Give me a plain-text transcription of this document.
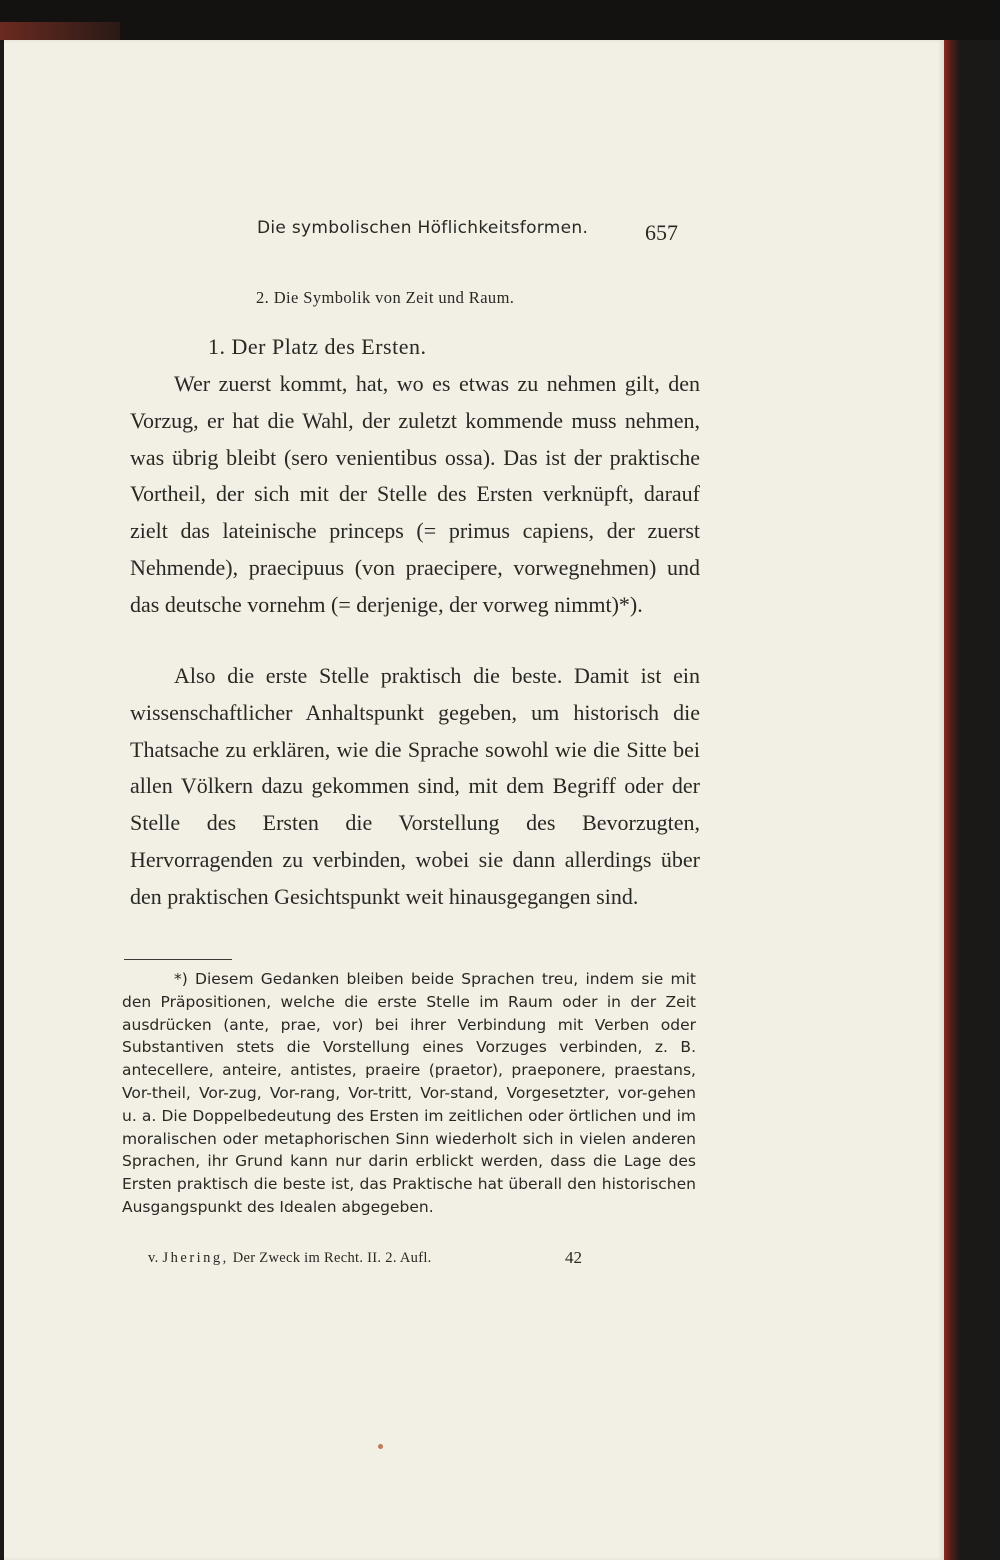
Die symbolischen Höflichkeitsformen.	657
2. Die Symbolik von Zeit und Raum.
1. Der Platz des Ersten.

Wer zuerst kommt, hat, wo es etwas zu nehmen gilt, den Vorzug, er hat die Wahl, der zuletzt kommende muss nehmen, was übrig bleibt (sero venientibus ossa). Das ist der praktische Vortheil, der sich mit der Stelle des Ersten verknüpft, darauf zielt das lateinische princeps (= primus capiens, der zuerst Nehmende), praecipuus (von praecipere, vorwegnehmen) und das deutsche vornehm (= derjenige, der vorweg nimmt)*).

Also die erste Stelle praktisch die beste. Damit ist ein wissenschaftlicher Anhaltspunkt gegeben, um historisch die Thatsache zu erklären, wie die Sprache sowohl wie die Sitte bei allen Völkern dazu gekommen sind, mit dem Begriff oder der Stelle des Ersten die Vorstellung des Bevorzugten, Hervorragenden zu verbinden, wobei sie dann allerdings über den praktischen Gesichtspunkt weit hinausgegangen sind.

*) Diesem Gedanken bleiben beide Sprachen treu, indem sie mit den Präpositionen, welche die erste Stelle im Raum oder in der Zeit ausdrücken (ante, prae, vor) bei ihrer Verbindung mit Verben oder Substantiven stets die Vorstellung eines Vorzuges verbinden, z. B. antecellere, anteire, antistes, praeire (praetor), praeponere, praestans, Vor-theil, Vor-zug, Vor-rang, Vor-tritt, Vor-stand, Vorgesetzter, vor-gehen u. a. Die Doppelbedeutung des Ersten im zeitlichen oder örtlichen und im moralischen oder metaphorischen Sinn wiederholt sich in vielen anderen Sprachen, ihr Grund kann nur darin erblickt werden, dass die Lage des Ersten praktisch die beste ist, das Praktische hat überall den historischen Ausgangspunkt des Idealen abgegeben.

v. Jhering, Der Zweck im Recht. II. 2. Aufl.	42
